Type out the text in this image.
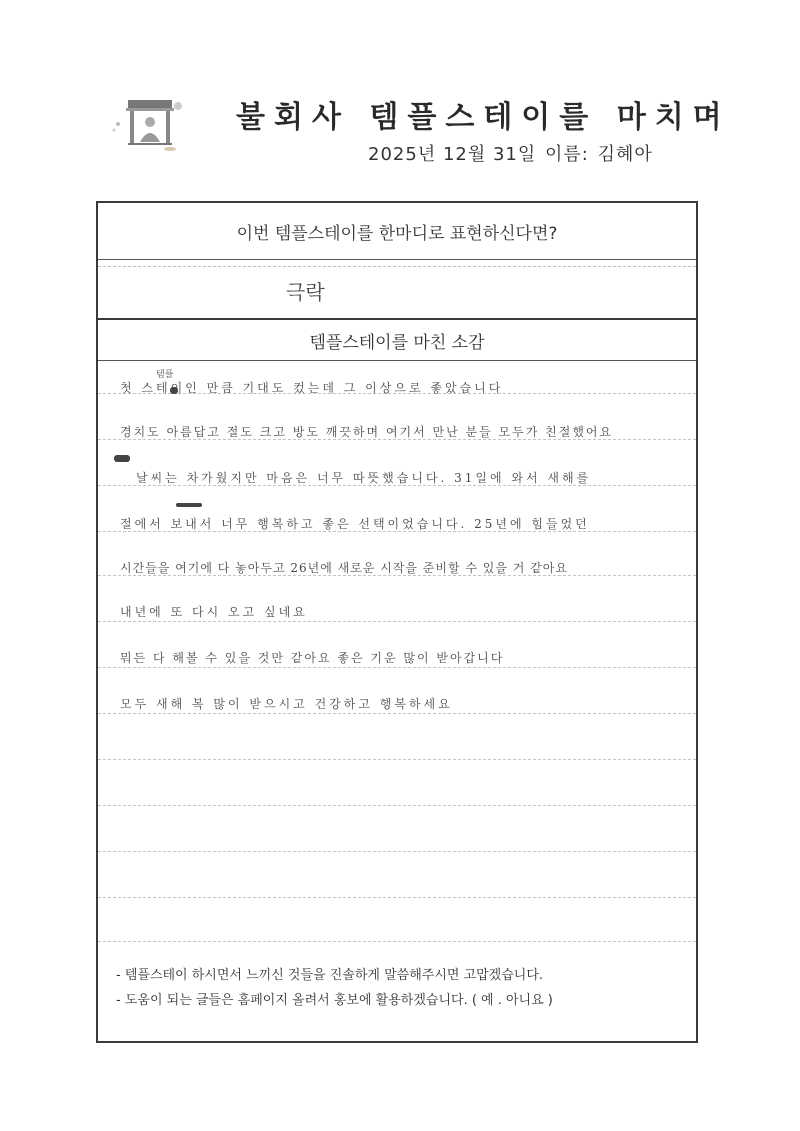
불회사 템플스테이를 마치며
2025년 12월 31일 이름: 김혜아
이번 템플스테이를 한마디로 표현하신다면?
극락
템플스테이를 마친 소감
템플
첫 스테이인 만큼 기대도 컸는데 그 이상으로 좋았습니다
경치도 아름답고 절도 크고 방도 깨끗하며 여기서 만난 분들 모두가 친절했어요
날씨는 차가웠지만 마음은 너무 따뜻했습니다. 31일에 와서 새해를
절에서 보내서 너무 행복하고 좋은 선택이었습니다. 25년에 힘들었던
시간들을 여기에 다 놓아두고 26년에 새로운 시작을 준비할 수 있을 거 같아요
내년에 또 다시 오고 싶네요
뭐든 다 해볼 수 있을 것만 같아요 좋은 기운 많이 받아갑니다
모두 새해 복 많이 받으시고 건강하고 행복하세요
- 템플스테이 하시면서 느끼신 것들을 진솔하게 말씀해주시면 고맙겠습니다.
- 도움이 되는 글들은 홈페이지 올려서 홍보에 활용하겠습니다. ( 예 . 아니요 )
